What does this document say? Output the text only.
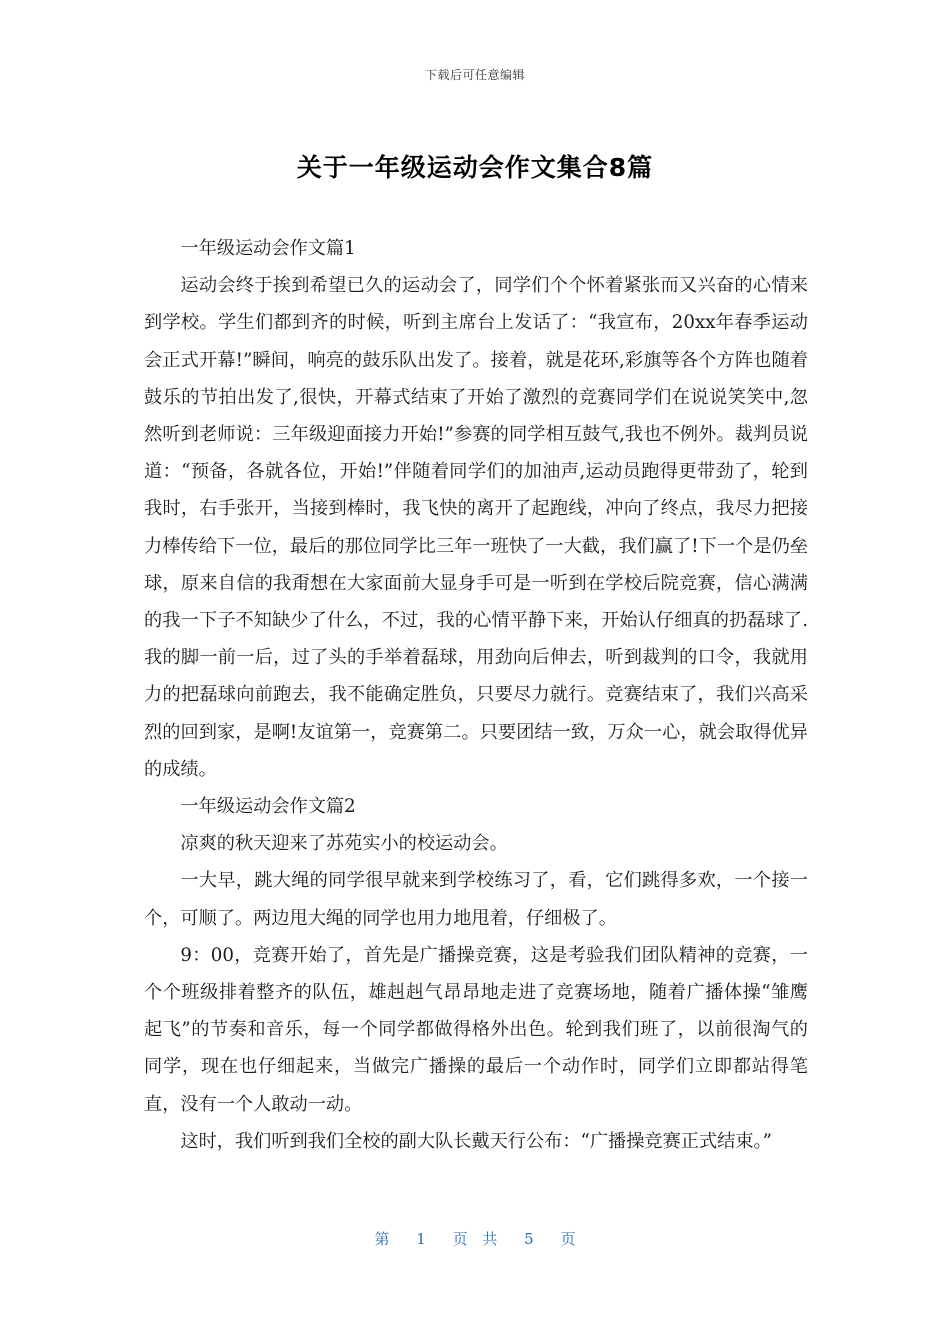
下载后可任意编辑
关于一年级运动会作文集合8篇

一年级运动会作文篇1

运动会终于挨到希望已久的运动会了，同学们个个怀着紧张而又兴奋的心情来到学校。学生们都到齐的时候，听到主席台上发话了：“我宣布，20xx年春季运动会正式开幕!”瞬间，响亮的鼓乐队出发了。接着，就是花环,彩旗等各个方阵也随着鼓乐的节拍出发了,很快，开幕式结束了开始了激烈的竞赛同学们在说说笑笑中,忽然听到老师说：三年级迎面接力开始!”参赛的同学相互鼓气,我也不例外。裁判员说道：“预备，各就各位，开始!”伴随着同学们的加油声,运动员跑得更带劲了，轮到我时，右手张开，当接到棒时，我飞快的离开了起跑线，冲向了终点，我尽力把接力棒传给下一位，最后的那位同学比三年一班快了一大截，我们赢了!下一个是仍垒球，原来自信的我甭想在大家面前大显身手可是一听到在学校后院竞赛，信心满满的我一下子不知缺少了什么，不过，我的心情平静下来，开始认仔细真的扔磊球了.我的脚一前一后，过了头的手举着磊球，用劲向后伸去，听到裁判的口令，我就用力的把磊球向前跑去，我不能确定胜负，只要尽力就行。竞赛结束了，我们兴高采烈的回到家，是啊!友谊第一，竞赛第二。只要团结一致，万众一心，就会取得优异的成绩。

一年级运动会作文篇2

凉爽的秋天迎来了苏苑实小的校运动会。

一大早，跳大绳的同学很早就来到学校练习了，看，它们跳得多欢，一个接一个，可顺了。两边甩大绳的同学也用力地甩着，仔细极了。

9：00，竞赛开始了，首先是广播操竞赛，这是考验我们团队精神的竞赛，一个个班级排着整齐的队伍，雄赳赳气昂昂地走进了竞赛场地，随着广播体操“雏鹰起飞”的节奏和音乐，每一个同学都做得格外出色。轮到我们班了，以前很淘气的同学，现在也仔细起来，当做完广播操的最后一个动作时，同学们立即都站得笔直，没有一个人敢动一动。

这时，我们听到我们全校的副大队长戴天行公布：“广播操竞赛正式结束。”

第 1 页 共 5 页
